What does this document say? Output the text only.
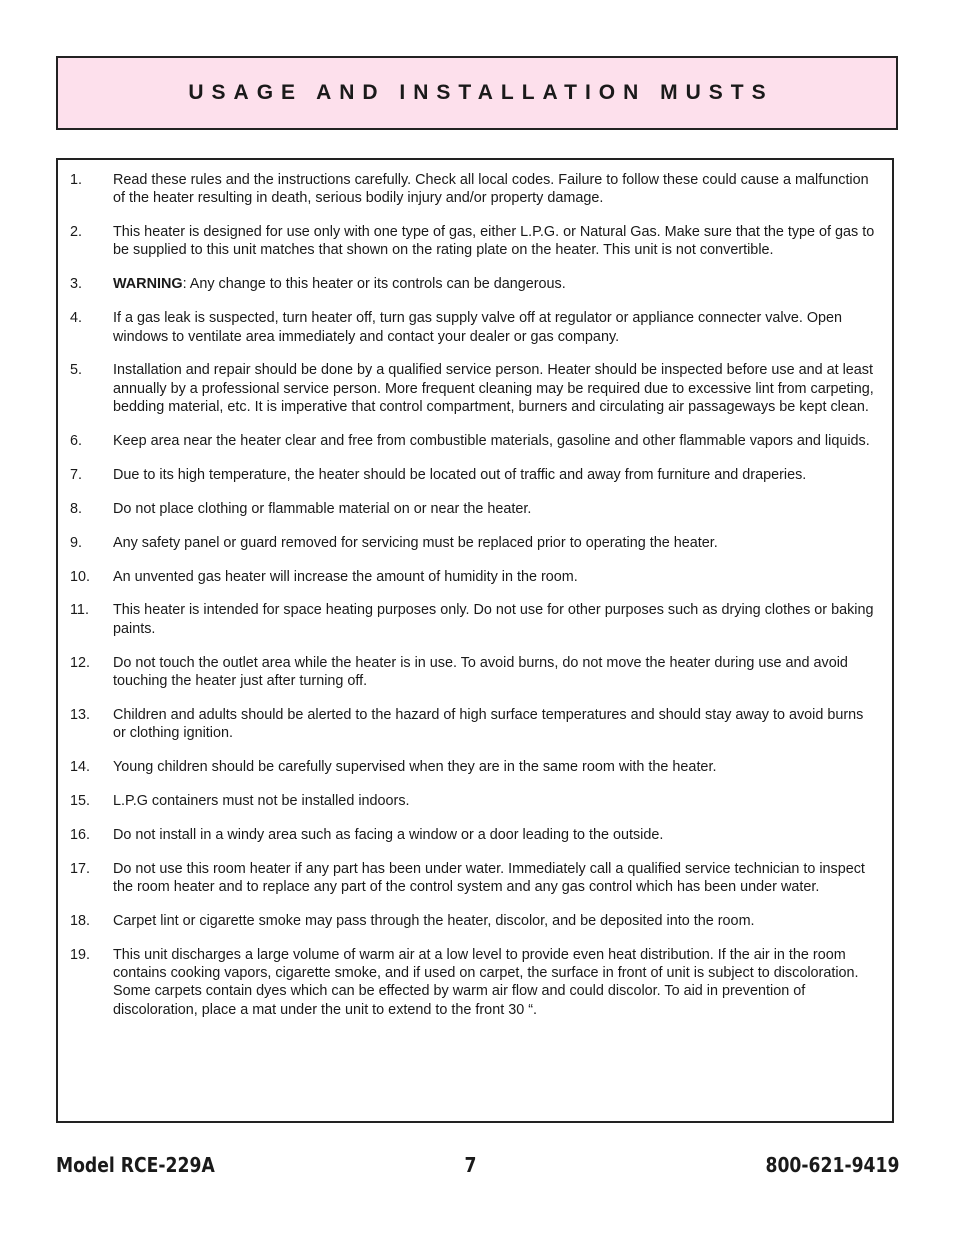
USAGE AND INSTALLATION MUSTS
1.	Read these rules and the instructions carefully. Check all local codes. Failure to follow these could cause a malfunction of the heater resulting in death, serious bodily injury and/or property damage.
2.	This heater is designed for use only with one type of gas, either L.P.G. or Natural Gas. Make sure that the type of gas to be supplied to this unit matches that shown on the rating plate on the heater. This unit is not convertible.
3.	WARNING: Any change to this heater or its controls can be dangerous.
4.	If a gas leak is suspected, turn heater off, turn gas supply valve off at regulator or appliance connecter valve. Open windows to ventilate area immediately and contact your dealer or gas company.
5.	Installation and repair should be done by a qualified service person. Heater should be inspected before use and at least annually by a professional service person. More frequent cleaning may be required due to excessive lint from carpeting, bedding material, etc. It is imperative that control compartment, burners and circulating air passageways be kept clean.
6.	Keep area near the heater clear and free from combustible materials, gasoline and other flammable vapors and liquids.
7.	Due to its high temperature, the heater should be located out of traffic and away from furniture and draperies.
8.	Do not place clothing or flammable material on or near the heater.
9.	Any safety panel or guard removed for servicing must be replaced prior to operating the heater.
10.	An unvented gas heater will increase the amount of humidity in the room.
11.	This heater is intended for space heating purposes only. Do not use for other purposes such as drying clothes or baking paints.
12.	Do not touch the outlet area while the heater is in use. To avoid burns, do not move the heater during use and avoid touching the heater just after turning off.
13.	Children and adults should be alerted to the hazard of high surface temperatures and should stay away to avoid burns or clothing ignition.
14.	Young children should be carefully supervised when they are in the same room with the heater.
15.	L.P.G containers must not be installed indoors.
16.	Do not install in a windy area such as facing a window or a door leading to the outside.
17.	Do not use this room heater if any part has been under water. Immediately call a qualified service technician to inspect the room heater and to replace any part of the control system and any gas control which has been under water.
18.	Carpet lint or cigarette smoke may pass through the heater, discolor, and be deposited into the room.
19.	This unit discharges a large volume of warm air at a low level to provide even heat distribution. If the air in the room contains cooking vapors, cigarette smoke, and if used on carpet, the surface in front of unit is subject to discoloration. Some carpets contain dyes which can be effected by warm air flow and could discolor. To aid in prevention of discoloration, place a mat under the unit to extend to the front 30 “.
Model RCE-229A	7	800-621-9419
